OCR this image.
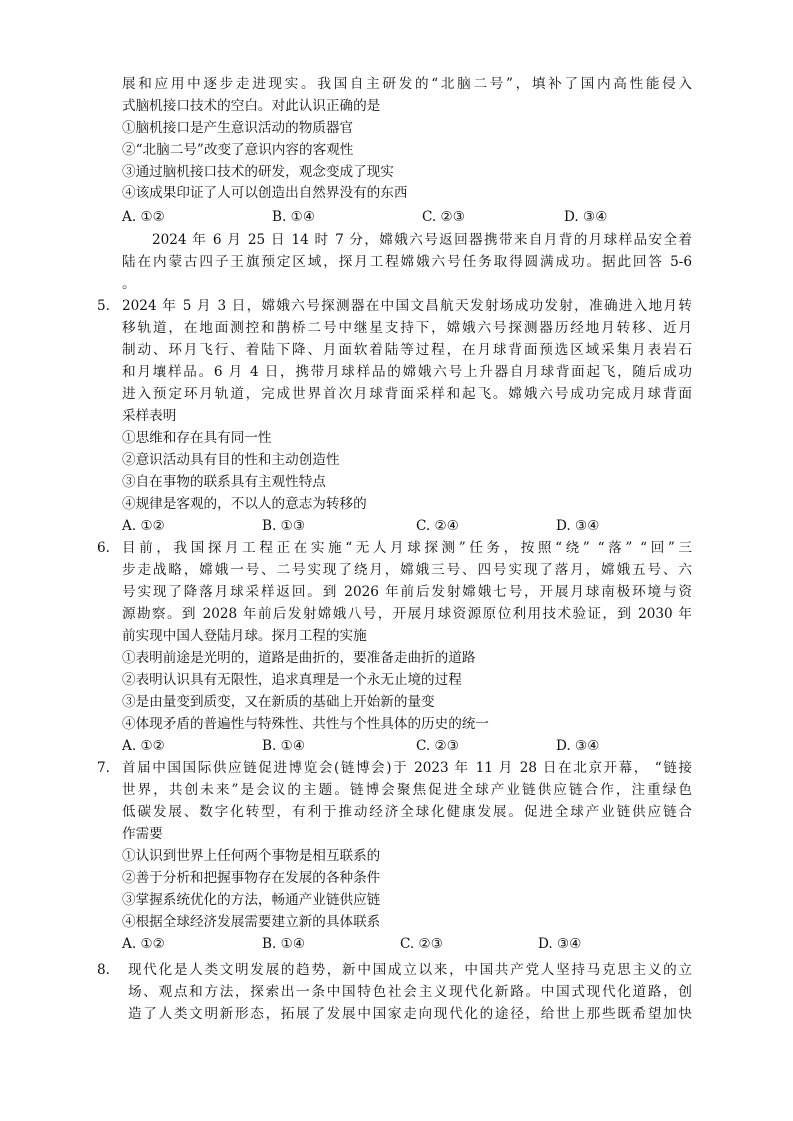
展和应用中逐步走进现实。我国自主研发的“北脑二号”，填补了国内高性能侵入
式脑机接口技术的空白。对此认识正确的是
①脑机接口是产生意识活动的物质器官
②“北脑二号”改变了意识内容的客观性
③通过脑机接口技术的研发，观念变成了现实
④该成果印证了人可以创造出自然界没有的东西
A. ①②	B. ①④	C. ②③	D. ③④
2024 年 6 月 25 日 14 时 7 分，嫦娥六号返回器携带来自月背的月球样品安全着
陆在内蒙古四子王旗预定区域，探月工程嫦娥六号任务取得圆满成功。据此回答 5-6
。
5. 2024 年 5 月 3 日，嫦娥六号探测器在中国文昌航天发射场成功发射，准确进入地月转
移轨道，在地面测控和鹊桥二号中继星支持下，嫦娥六号探测器历经地月转移、近月
制动、环月飞行、着陆下降、月面软着陆等过程，在月球背面预选区域采集月表岩石
和月壤样品。6 月 4 日，携带月球样品的嫦娥六号上升器自月球背面起飞，随后成功
进入预定环月轨道，完成世界首次月球背面采样和起飞。嫦娥六号成功完成月球背面
采样表明
①思维和存在具有同一性
②意识活动具有目的性和主动创造性
③自在事物的联系具有主观性特点
④规律是客观的，不以人的意志为转移的
A. ①②	B. ①③	C. ②④	D. ③④
6. 目前，我国探月工程正在实施“无人月球探测”任务，按照“绕” “落” “回”三
步走战略，嫦娥一号、二号实现了绕月，嫦娥三号、四号实现了落月，嫦娥五号、六
号实现了降落月球采样返回。到 2026 年前后发射嫦娥七号，开展月球南极环境与资
源勘察。到 2028 年前后发射嫦娥八号，开展月球资源原位利用技术验证，到 2030 年
前实现中国人登陆月球。探月工程的实施
①表明前途是光明的，道路是曲折的，要准备走曲折的道路
②表明认识具有无限性，追求真理是一个永无止境的过程
③是由量变到质变，又在新质的基础上开始新的量变
④体现矛盾的普遍性与特殊性、共性与个性具体的历史的统一
A. ①②	B. ①④	C. ②③	D. ③④
7. 首届中国国际供应链促进博览会(链博会)于 2023 年 11 月 28 日在北京开幕， “链接
世界，共创未来”是会议的主题。链博会聚焦促进全球产业链供应链合作，注重绿色
低碳发展、数字化转型，有利于推动经济全球化健康发展。促进全球产业链供应链合
作需要
①认识到世界上任何两个事物是相互联系的
②善于分析和把握事物存在发展的各种条件
③掌握系统优化的方法，畅通产业链供应链
④根据全球经济发展需要建立新的具体联系
A. ①②	B. ①④	C. ②③	D. ③④
8. 现代化是人类文明发展的趋势，新中国成立以来，中国共产党人坚持马克思主义的立
场、观点和方法，探索出一条中国特色社会主义现代化新路。中国式现代化道路，创
造了人类文明新形态，拓展了发展中国家走向现代化的途径，给世上那些既希望加快
